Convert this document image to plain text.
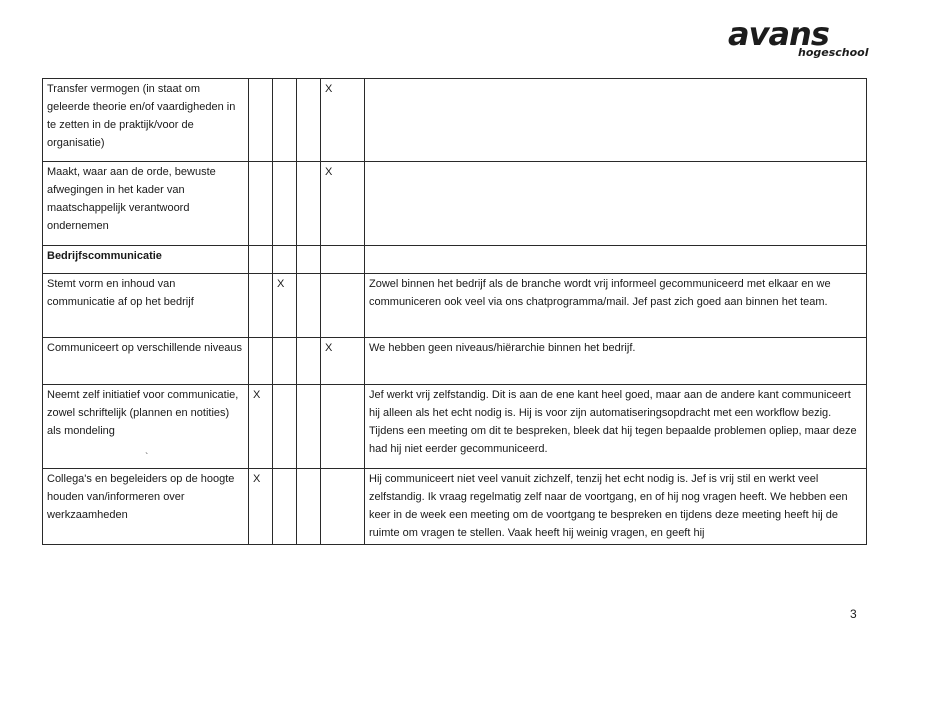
avans
hogeschool
Transfer vermogen (in staat om geleerde theorie en/of vaardigheden in te zetten in de praktijk/voor de organisatie)				X	
Maakt, waar aan de orde, bewuste afwegingen in het kader van maatschappelijk verantwoord ondernemen				X	
Bedrijfscommunicatie					
Stemt vorm en inhoud van communicatie af op het bedrijf		X			Zowel binnen het bedrijf als de branche wordt vrij informeel gecommuniceerd met elkaar en we communiceren ook veel via ons chatprogramma/mail. Jef past zich goed aan binnen het team.
Communiceert op verschillende niveaus				X	We hebben geen niveaus/hiërarchie binnen het bedrijf.
Neemt zelf initiatief voor communicatie, zowel schriftelijk (plannen en notities) als mondeling	X				Jef werkt vrij zelfstandig. Dit is aan de ene kant heel goed, maar aan de andere kant communiceert hij alleen als het echt nodig is. Hij is voor zijn automatiseringsopdracht met een workflow bezig. Tijdens een meeting om dit te bespreken, bleek dat hij tegen bepaalde problemen opliep, maar deze had hij niet eerder gecommuniceerd.
Collega's en begeleiders op de hoogte houden van/informeren over werkzaamheden	X				Hij communiceert niet veel vanuit zichzelf, tenzij het echt nodig is. Jef is vrij stil en werkt veel zelfstandig. Ik vraag regelmatig zelf naar de voortgang, en of hij nog vragen heeft. We hebben een keer in de week een meeting om de voortgang te bespreken en tijdens deze meeting heeft hij de ruimte om vragen te stellen. Vaak heeft hij weinig vragen, en geeft hij
`
3
